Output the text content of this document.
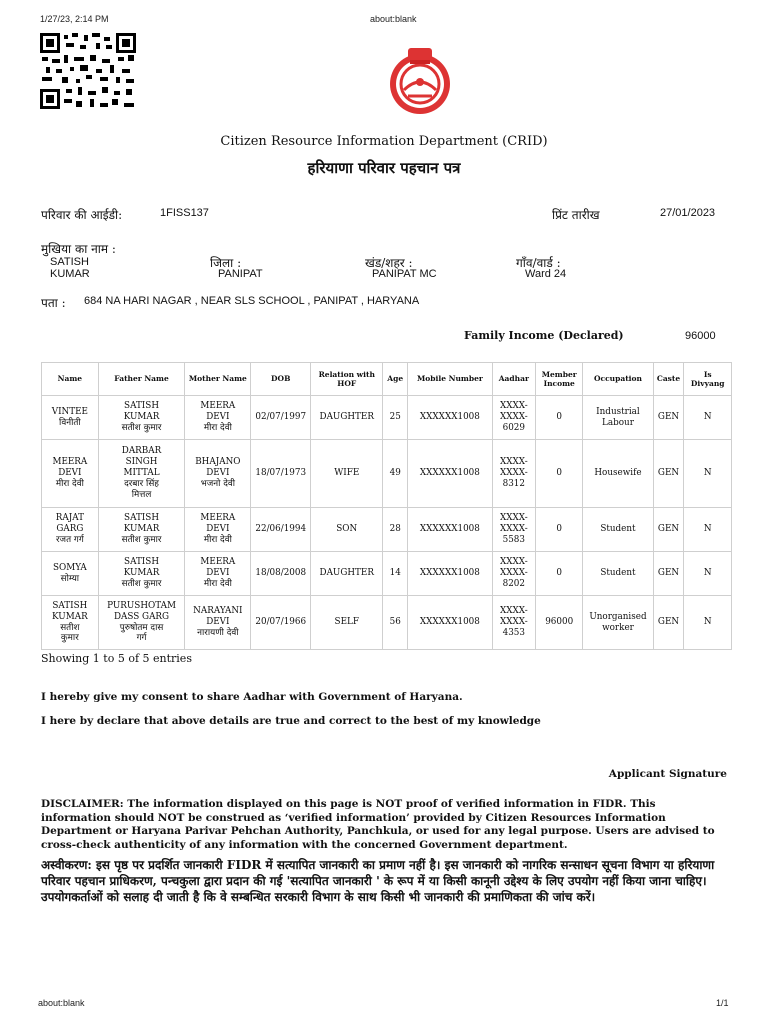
1/27/23, 2:14 PM	about:blank
about:blank	1/1
Citizen Resource Information Department (CRID)
हरियाणा परिवार पहचान पत्र
परिवार की आईडी:	1FISS137	प्रिंट तारीख	27/01/2023
मुखिया का नाम :
SATISH
KUMAR
जिला :
PANIPAT
खंड/शहर :
PANIPAT MC
गाँव/वार्ड :
Ward 24
पता : 684 NA HARI NAGAR , NEAR SLS SCHOOL , PANIPAT , HARYANA
Family Income (Declared)	96000
Name	Father Name	Mother Name	DOB	Relation with HOF	Age	Mobile Number	Aadhar	Member Income	Occupation	Caste	Is Divyang
VINTEE
विनीती	SATISH
KUMAR
सतीश कुमार	MEERA
DEVI
मीरा देवी	02/07/1997	DAUGHTER	25	XXXXXX1008	XXXX-
XXXX-
6029	0	Industrial
Labour	GEN	N
MEERA
DEVI
मीरा देवी	DARBAR
SINGH
MITTAL
दरबार सिंह
मित्तल	BHAJANO
DEVI
भजनो देवी	18/07/1973	WIFE	49	XXXXXX1008	XXXX-
XXXX-
8312	0	Housewife	GEN	N
RAJAT
GARG
रजत गर्ग	SATISH
KUMAR
सतीश कुमार	MEERA
DEVI
मीरा देवी	22/06/1994	SON	28	XXXXXX1008	XXXX-
XXXX-
5583	0	Student	GEN	N
SOMYA
सोम्या	SATISH
KUMAR
सतीश कुमार	MEERA
DEVI
मीरा देवी	18/08/2008	DAUGHTER	14	XXXXXX1008	XXXX-
XXXX-
8202	0	Student	GEN	N
SATISH
KUMAR
सतीश
कुमार	PURUSHOTAM
DASS GARG
पुरुषोतम दास
गर्ग	NARAYANI
DEVI
नारायणी देवी	20/07/1966	SELF	56	XXXXXX1008	XXXX-
XXXX-
4353	96000	Unorganised
worker	GEN	N
Showing 1 to 5 of 5 entries
I hereby give my consent to share Aadhar with Government of Haryana.
I here by declare that above details are true and correct to the best of my knowledge
Applicant Signature
DISCLAIMER: The information displayed on this page is NOT proof of verified information in FIDR. This information should NOT be construed as ‘verified information’ provided by Citizen Resources Information Department or Haryana Parivar Pehchan Authority, Panchkula, or used for any legal purpose. Users are advised to cross-check authenticity of any information with the concerned Government department.
अस्वीकरण: इस पृष्ठ पर प्रदर्शित जानकारी FIDR में सत्यापित जानकारी का प्रमाण नहीं है। इस जानकारी को नागरिक सन्साधन सूचना विभाग या हरियाणा परिवार पहचान प्राधिकरण, पन्चकुला द्वारा प्रदान की गई 'सत्यापित जानकारी ' के रूप में या किसी कानूनी उद्देश्य के लिए उपयोग नहीं किया जाना चाहिए। उपयोगकर्ताओं को सलाह दी जाती है कि वे सम्बन्धित सरकारी विभाग के साथ किसी भी जानकारी की प्रमाणिकता की जांच करें।
